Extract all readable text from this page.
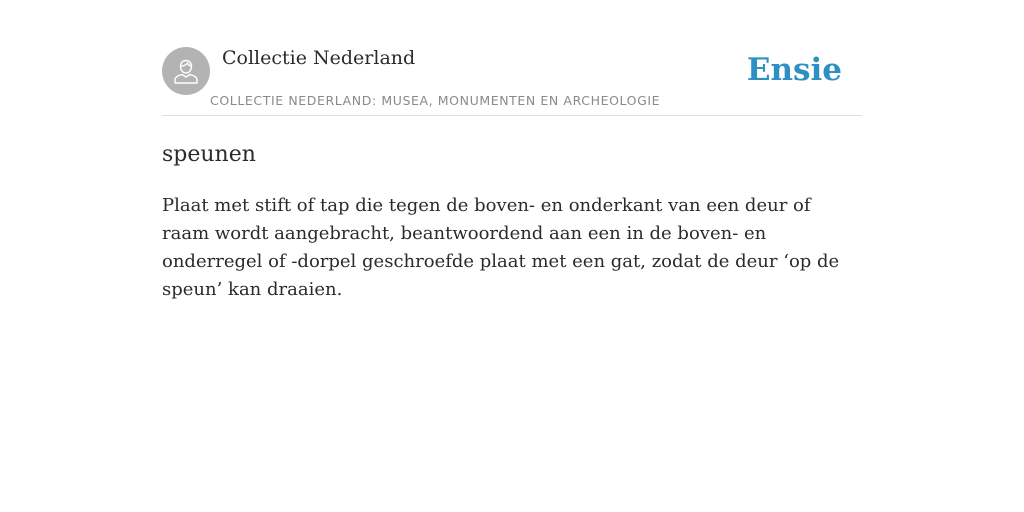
Collectie Nederland
COLLECTIE NEDERLAND: MUSEA, MONUMENTEN EN ARCHEOLOGIE
Ensie
speunen

Plaat met stift of tap die tegen de boven- en onderkant van een deur of raam wordt aangebracht, beantwoordend aan een in de boven- en onderregel of -dorpel geschroefde plaat met een gat, zodat de deur ‘op de speun’ kan draaien.
